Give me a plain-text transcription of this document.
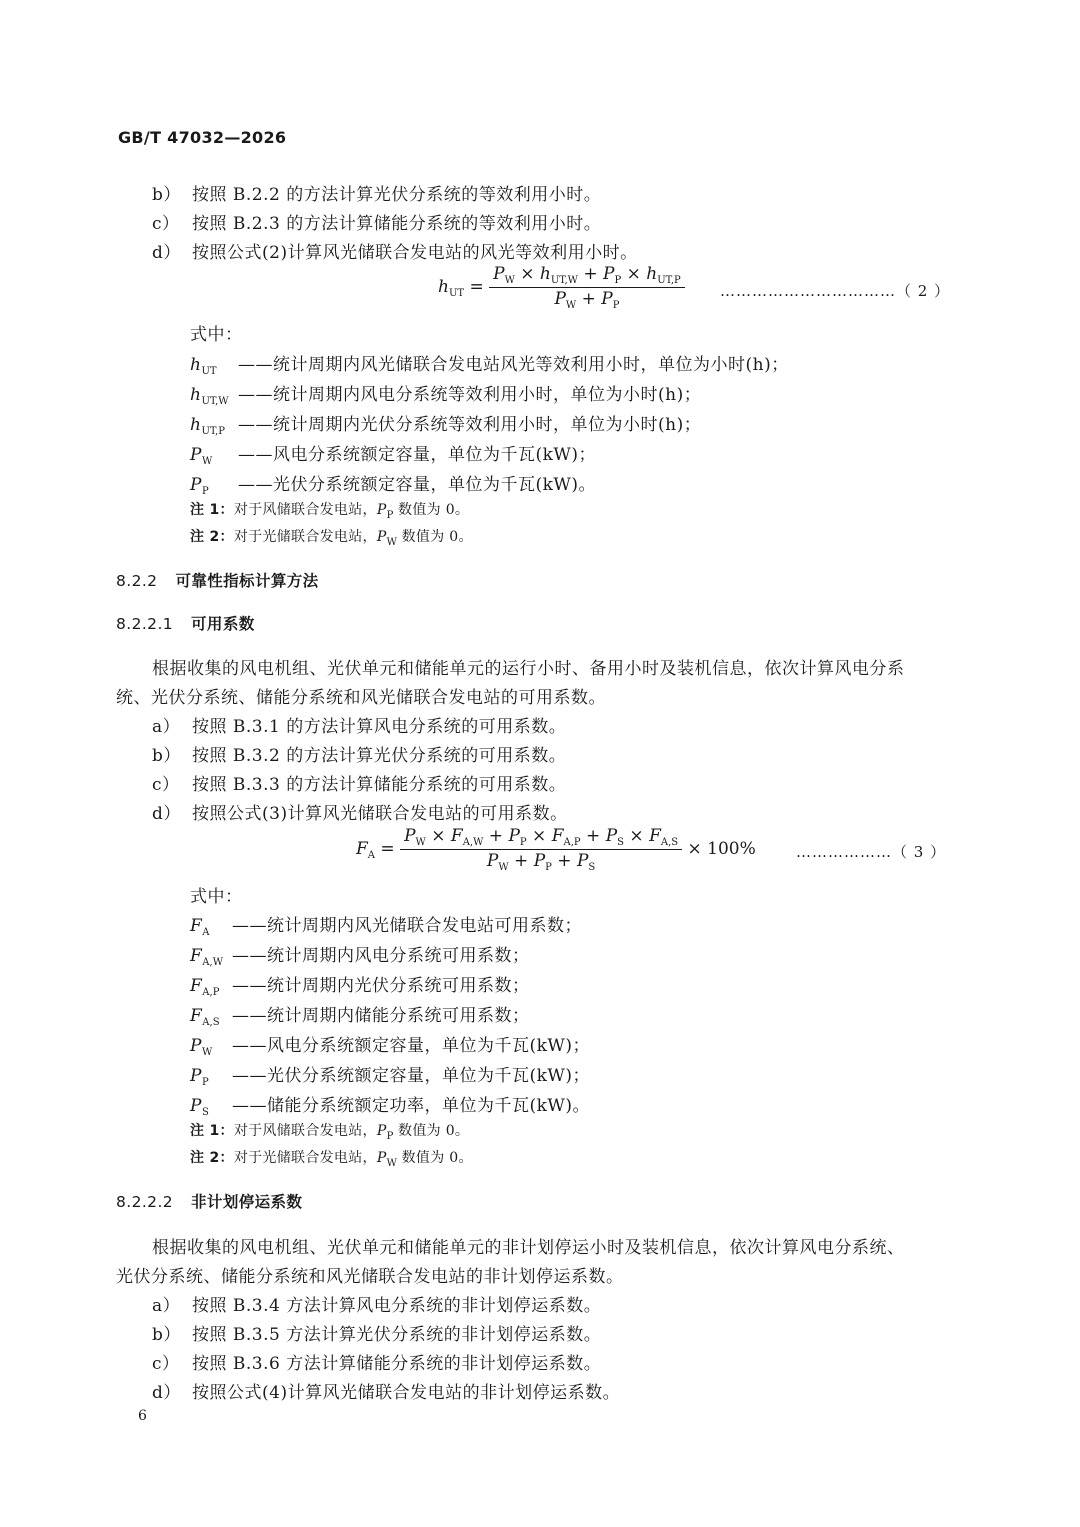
GB/T 47032—2026
b） 按照 B.2.2 的方法计算光伏分系统的等效利用小时。
c） 按照 B.2.3 的方法计算储能分系统的等效利用小时。
d） 按照公式(2)计算风光储联合发电站的风光等效利用小时。
$h_{UT} = \frac{P_W \times h_{UT,W} + P_P \times h_{UT,P}}{P_W + P_P}$ ……………………………（ 2 ）
式中：
$h_{UT}$ ——统计周期内风光储联合发电站风光等效利用小时，单位为小时(h)；
$h_{UT,W}$ ——统计周期内风电分系统等效利用小时，单位为小时(h)；
$h_{UT,P}$ ——统计周期内光伏分系统等效利用小时，单位为小时(h)；
$P_W$ ——风电分系统额定容量，单位为千瓦(kW)；
$P_P$ ——光伏分系统额定容量，单位为千瓦(kW)。
注 1：对于风储联合发电站，$P_P$ 数值为 0。
注 2：对于光储联合发电站，$P_W$ 数值为 0。
8.2.2 可靠性指标计算方法
8.2.2.1 可用系数
根据收集的风电机组、光伏单元和储能单元的运行小时、备用小时及装机信息，依次计算风电分系
统、光伏分系统、储能分系统和风光储联合发电站的可用系数。
a） 按照 B.3.1 的方法计算风电分系统的可用系数。
b） 按照 B.3.2 的方法计算光伏分系统的可用系数。
c） 按照 B.3.3 的方法计算储能分系统的可用系数。
d） 按照公式(3)计算风光储联合发电站的可用系数。
$F_A = \frac{P_W \times F_{A,W} + P_P \times F_{A,P} + P_S \times F_{A,S}}{P_W + P_P + P_S} \times 100\%$	………………（ 3 ）
式中：
$F_A$ ——统计周期内风光储联合发电站可用系数；
$F_{A,W}$ ——统计周期内风电分系统可用系数；
$F_{A,P}$ ——统计周期内光伏分系统可用系数；
$F_{A,S}$ ——统计周期内储能分系统可用系数；
$P_W$ ——风电分系统额定容量，单位为千瓦(kW)；
$P_P$ ——光伏分系统额定容量，单位为千瓦(kW)；
$P_S$ ——储能分系统额定功率，单位为千瓦(kW)。
注 1：对于风储联合发电站，$P_P$ 数值为 0。
注 2：对于光储联合发电站，$P_W$ 数值为 0。
8.2.2.2 非计划停运系数
根据收集的风电机组、光伏单元和储能单元的非计划停运小时及装机信息，依次计算风电分系统、
光伏分系统、储能分系统和风光储联合发电站的非计划停运系数。
a） 按照 B.3.4 方法计算风电分系统的非计划停运系数。
b） 按照 B.3.5 方法计算光伏分系统的非计划停运系数。
c） 按照 B.3.6 方法计算储能分系统的非计划停运系数。
d） 按照公式(4)计算风光储联合发电站的非计划停运系数。
6
